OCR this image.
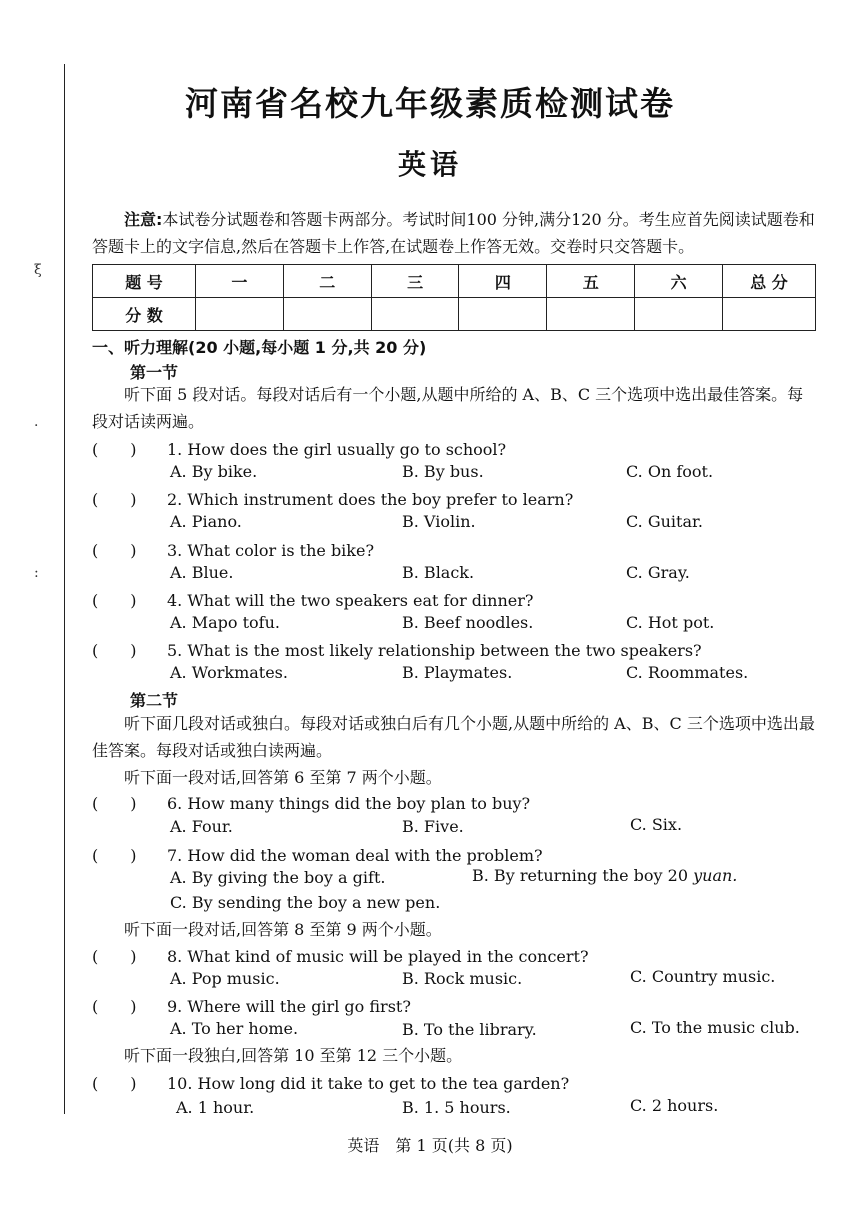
ξ
·
:
河南省名校九年级素质检测试卷
英语
注意:本试卷分试题卷和答题卡两部分。考试时间100 分钟,满分120 分。考生应首先阅读试题卷和答题卡上的文字信息,然后在答题卡上作答,在试题卷上作答无效。交卷时只交答题卡。
题 号	一	二	三	四	五	六	总 分
分 数							
一、听力理解(20 小题,每小题 1 分,共 20 分)
第一节
听下面 5 段对话。每段对话后有一个小题,从题中所给的 A、B、C 三个选项中选出最佳答案。每段对话读两遍。
(　　) 1. How does the girl usually go to school?
A. By bike.	B. By bus.	C. On foot.
(　　) 2. Which instrument does the boy prefer to learn?
A. Piano.	B. Violin.	C. Guitar.
(　　) 3. What color is the bike?
A. Blue.	B. Black.	C. Gray.
(　　) 4. What will the two speakers eat for dinner?
A. Mapo tofu.	B. Beef noodles.	C. Hot pot.
(　　) 5. What is the most likely relationship between the two speakers?
A. Workmates.	B. Playmates.	C. Roommates.
第二节
听下面几段对话或独白。每段对话或独白后有几个小题,从题中所给的 A、B、C 三个选项中选出最佳答案。每段对话或独白读两遍。
听下面一段对话,回答第 6 至第 7 两个小题。
(　　) 6. How many things did the boy plan to buy?
A. Four.	B. Five.	C. Six.
(　　) 7. How did the woman deal with the problem?
A. By giving the boy a gift.	B. By returning the boy 20 yuan.
C. By sending the boy a new pen.
听下面一段对话,回答第 8 至第 9 两个小题。
(　　) 8. What kind of music will be played in the concert?
A. Pop music.	B. Rock music.	C. Country music.
(　　) 9. Where will the girl go first?
A. To her home.	B. To the library.	C. To the music club.
听下面一段独白,回答第 10 至第 12 三个小题。
(　　) 10. How long did it take to get to the tea garden?
A. 1 hour.	B. 1. 5 hours.	C. 2 hours.
英语　第 1 页(共 8 页)
